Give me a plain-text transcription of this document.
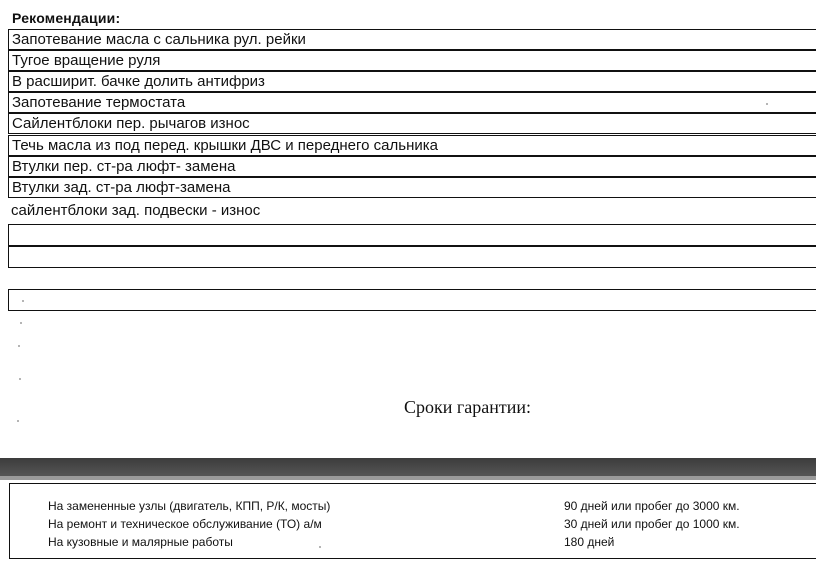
Рекомендации:
Запотевание масла с сальника рул. рейки
Тугое вращение руля
В расширит. бачке долить антифриз
Запотевание термостата
Сайлентблоки пер. рычагов износ
Течь масла из под перед. крышки ДВС и переднего сальника
Втулки пер. ст-ра люфт- замена
Втулки зад. ст-ра люфт-замена
сайлентблоки зад. подвески - износ
Сроки гарантии:
На замененные узлы (двигатель, КПП, Р/К, мосты)	90 дней или пробег до 3000 км.
На ремонт и техническое обслуживание (ТО) а/м	30 дней или пробег до 1000 км.
На кузовные и малярные работы	180 дней
